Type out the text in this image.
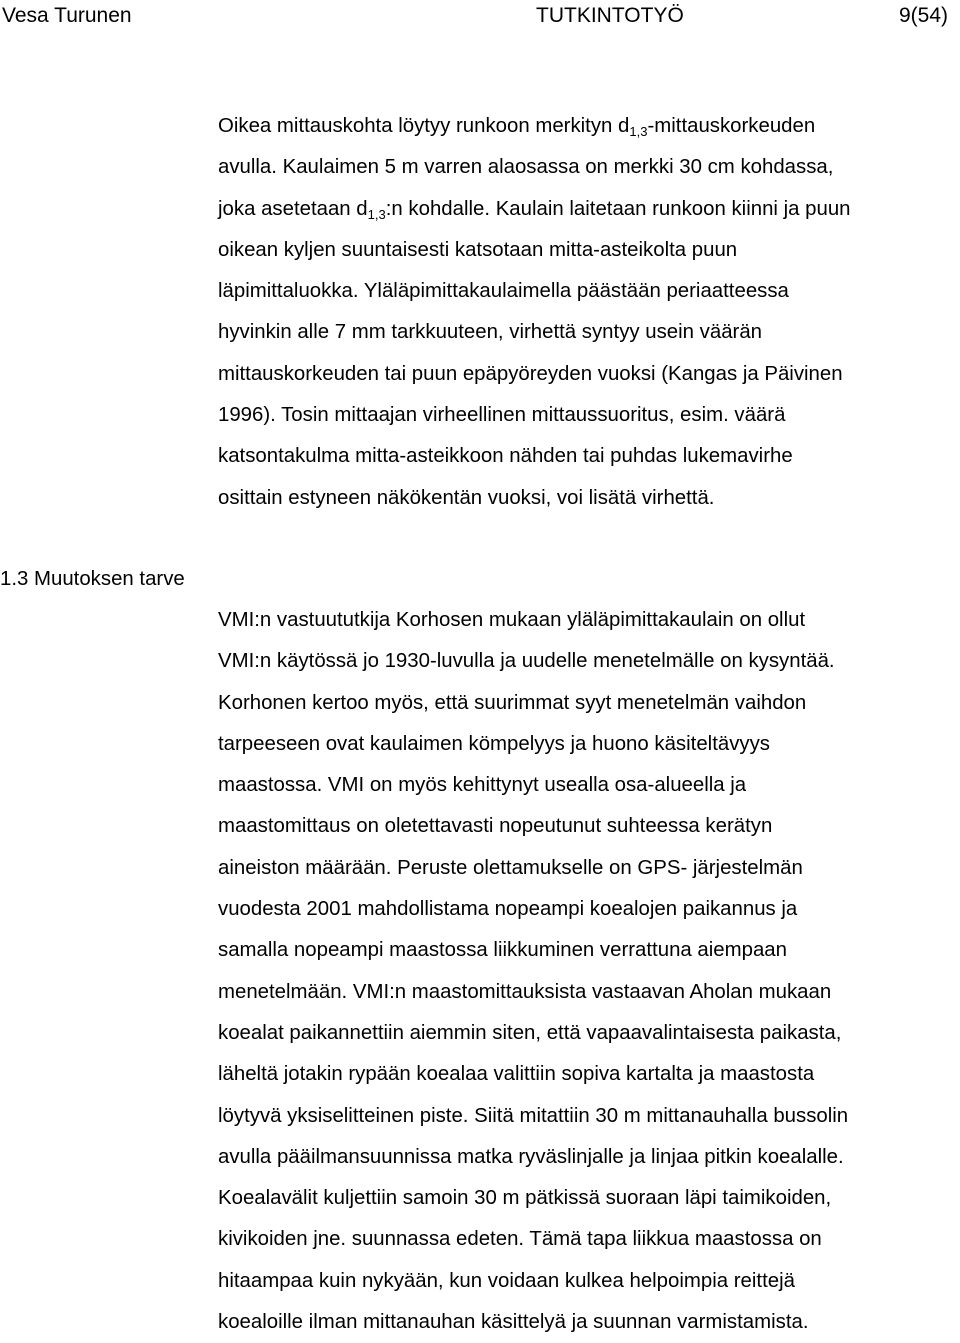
Vesa Turunen	TUTKINTOTYÖ	9(54)
Oikea mittauskohta löytyy runkoon merkityn $d_{1,3}$-mittauskorkeuden
avulla. Kaulaimen 5 m varren alaosassa on merkki 30 cm kohdassa,
joka asetetaan $d_{1,3}:n$ kohdalle. Kaulain laitetaan runkoon kiinni ja puun
oikean kyljen suuntaisesti katsotaan mitta-asteikolta puun
läpimittaluokka. Yläläpimittakaulaimella päästään periaatteessa
hyvinkin alle 7 mm tarkkuuteen, virhettä syntyy usein väärän
mittauskorkeuden tai puun epäpyöreyden vuoksi (Kangas ja Päivinen
1996). Tosin mittaajan virheellinen mittaussuoritus, esim. väärä
katsontakulma mitta-asteikkoon nähden tai puhdas lukemavirhe
osittain estyneen näkökentän vuoksi, voi lisätä virhettä.
1.3 Muutoksen tarve
VMI:n vastuututkija Korhosen mukaan yläläpimittakaulain on ollut
VMI:n käytössä jo 1930-luvulla ja uudelle menetelmälle on kysyntää.
Korhonen kertoo myös, että suurimmat syyt menetelmän vaihdon
tarpeeseen ovat kaulaimen kömpelyys ja huono käsiteltävyys
maastossa. VMI on myös kehittynyt usealla osa-alueella ja
maastomittaus on oletettavasti nopeutunut suhteessa kerätyn
aineiston määrään. Peruste olettamukselle on GPS- järjestelmän
vuodesta 2001 mahdollistama nopeampi koealojen paikannus ja
samalla nopeampi maastossa liikkuminen verrattuna aiempaan
menetelmään. VMI:n maastomittauksista vastaavan Aholan mukaan
koealat paikannettiin aiemmin siten, että vapaavalintaisesta paikasta,
läheltä jotakin rypään koealaa valittiin sopiva kartalta ja maastosta
löytyvä yksiselitteinen piste. Siitä mitattiin 30 m mittanauhalla bussolin
avulla pääilmansuunnissa matka ryväslinjalle ja linjaa pitkin koealalle.
Koealavälit kuljettiin samoin 30 m pätkissä suoraan läpi taimikoiden,
kivikoiden jne. suunnassa edeten. Tämä tapa liikkua maastossa on
hitaampaa kuin nykyään, kun voidaan kulkea helpoimpia reittejä
koealoille ilman mittanauhan käsittelyä ja suunnan varmistamista.
